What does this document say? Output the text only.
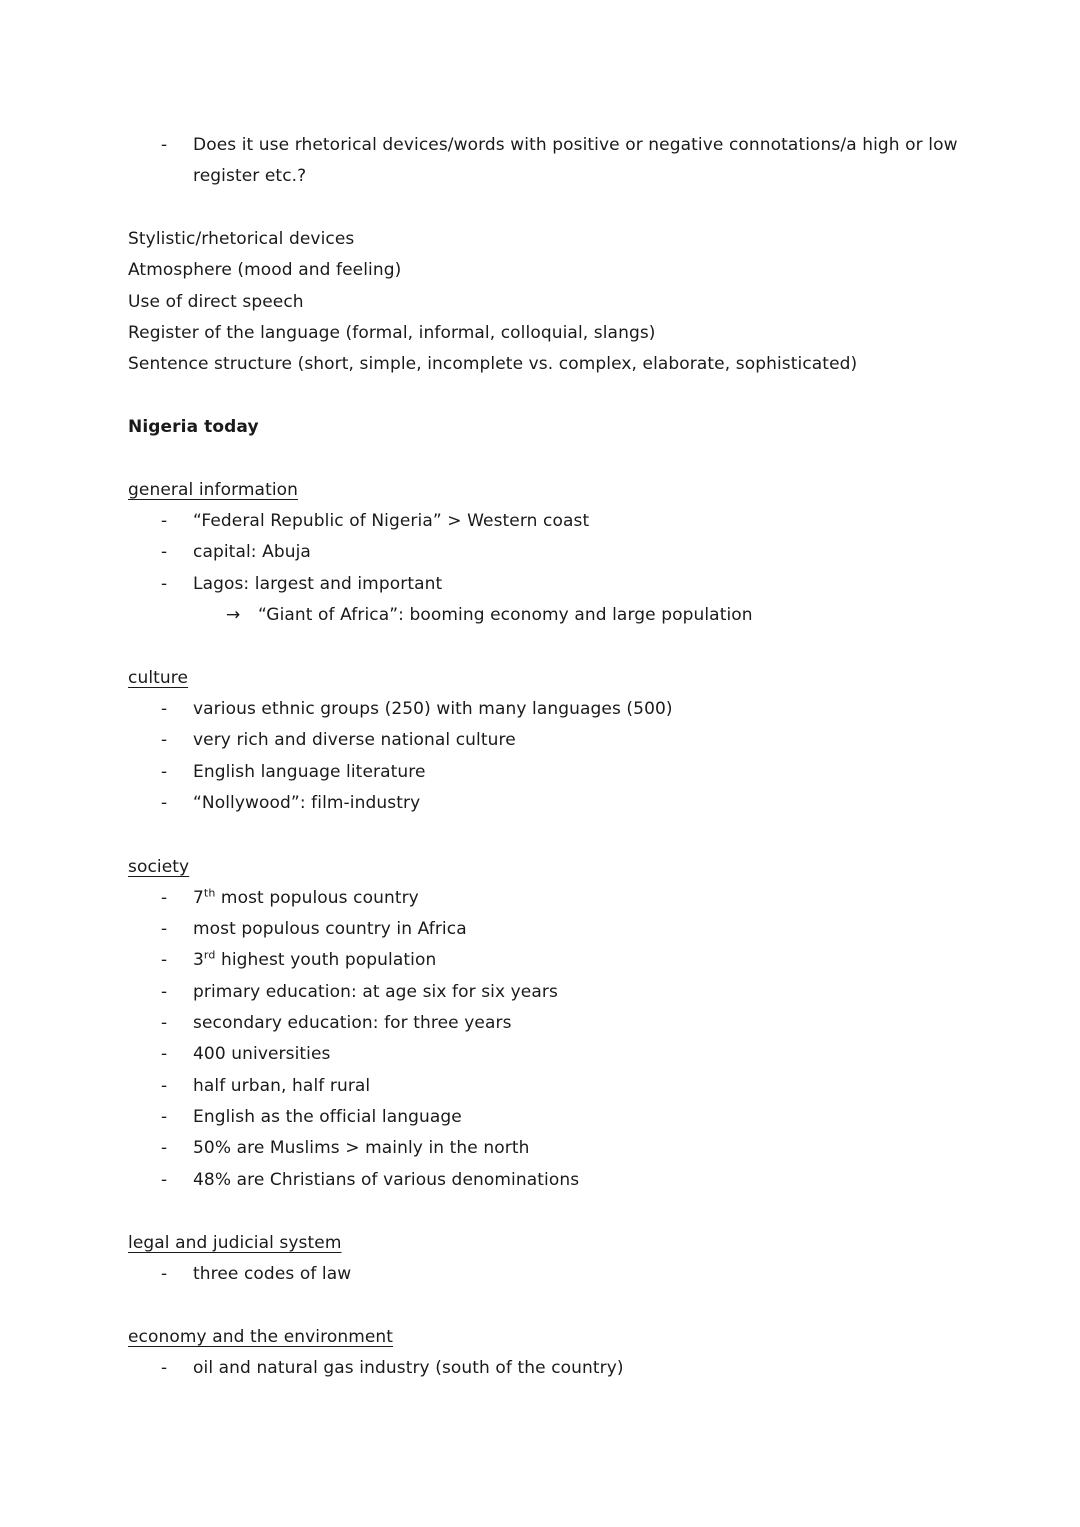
- Does it use rhetorical devices/words with positive or negative connotations/a high or low
register etc.?
Stylistic/rhetorical devices
Atmosphere (mood and feeling)
Use of direct speech
Register of the language (formal, informal, colloquial, slangs)
Sentence structure (short, simple, incomplete vs. complex, elaborate, sophisticated)
Nigeria today
general information
- “Federal Republic of Nigeria” > Western coast
- capital: Abuja
- Lagos: largest and important
→ “Giant of Africa”: booming economy and large population
culture
- various ethnic groups (250) with many languages (500)
- very rich and diverse national culture
- English language literature
- “Nollywood”: film-industry
society
- 7th most populous country
- most populous country in Africa
- 3rd highest youth population
- primary education: at age six for six years
- secondary education: for three years
- 400 universities
- half urban, half rural
- English as the official language
- 50% are Muslims > mainly in the north
- 48% are Christians of various denominations
legal and judicial system
- three codes of law
economy and the environment
- oil and natural gas industry (south of the country)
